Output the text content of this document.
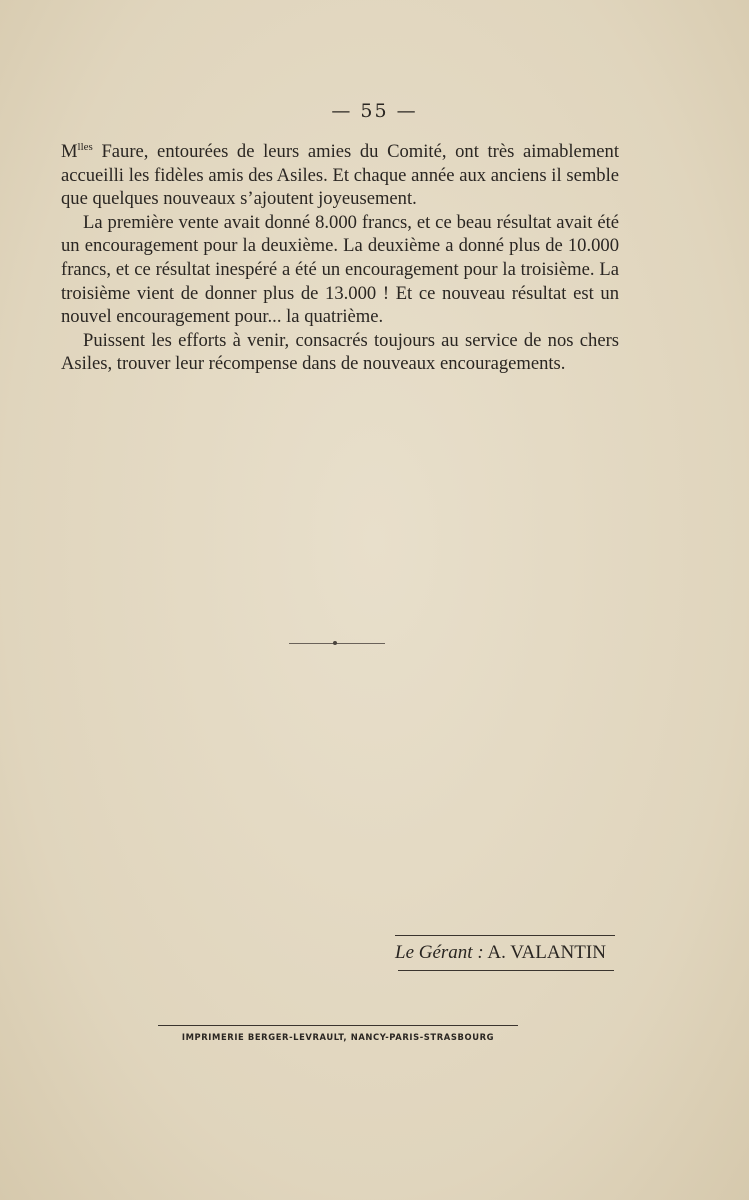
— 55 —

$M^{lles}$ Faure, entourées de leurs amies du Comité, ont très aimablement accueilli les fidèles amis des Asiles. Et chaque année aux anciens il semble que quelques nouveaux s’ajoutent joyeusement.

La première vente avait donné 8.000 francs, et ce beau résultat avait été un encouragement pour la deuxième. La deuxième a donné plus de 10.000 francs, et ce résultat inespéré a été un encouragement pour la troisième. La troisième vient de donner plus de 13.000 ! Et ce nouveau résultat est un nouvel encouragement pour... la quatrième.

Puissent les efforts à venir, consacrés toujours au service de nos chers Asiles, trouver leur récompense dans de nouveaux encouragements.

Le Gérant : A. VALANTIN
IMPRIMERIE BERGER-LEVRAULT, NANCY-PARIS-STRASBOURG
